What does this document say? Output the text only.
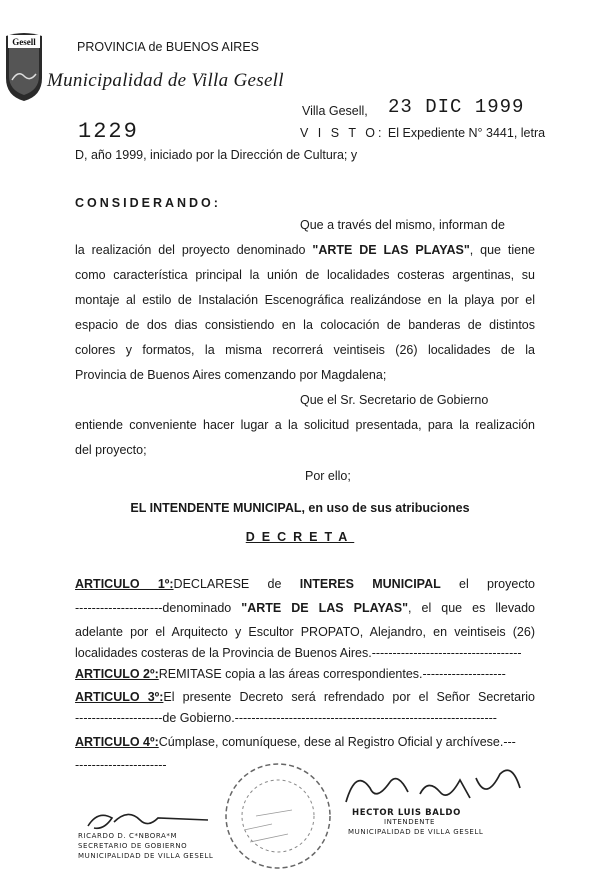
Gesell	PROVINCIA de BUENOS AIRES
Municipalidad de Villa Gesell
Villa Gesell, 23 DIC 1999
1229	V I S T O: El Expediente N° 3441, letra
D, año 1999, iniciado por la Dirección de Cultura; y
CONSIDERANDO:
Que a través del mismo, informan de
la realización del proyecto denominado "ARTE DE LAS PLAYAS", que tiene
como característica principal la unión de localidades costeras argentinas, su
montaje al estilo de Instalación Escenográfica realizándose en la playa por el
espacio de dos dias consistiendo en la colocación de banderas de distintos
colores y formatos, la misma recorrerá veintiseis (26) localidades de la
Provincia de Buenos Aires comenzando por Magdalena;
Que el Sr. Secretario de Gobierno
entiende conveniente hacer lugar a la solicitud presentada, para la realización
del proyecto;
Por ello;
EL INTENDENTE MUNICIPAL, en uso de sus atribuciones
DECRETA
ARTICULO 1º:DECLARESE de INTERES MUNICIPAL el proyecto
---------------------denominado "ARTE DE LAS PLAYAS", el que es llevado
adelante por el Arquitecto y Escultor PROPATO, Alejandro, en veintiseis (26)
localidades costeras de la Provincia de Buenos Aires.------------------------------------
ARTICULO 2º:REMITASE copia a las áreas correspondientes.--------------------
ARTICULO 3º:El presente Decreto será refrendado por el Señor Secretario
---------------------de Gobierno.---------------------------------------------------------------
ARTICULO 4º:Cúmplase, comuníquese, dese al Registro Oficial y archívese.---
----------------------
RICARDO D. C*NBORA*M
SECRETARIO DE GOBIERNO
MUNICIPALIDAD DE VILLA GESELL
HECTOR LUIS BALDO
INTENDENTE
MUNICIPALIDAD DE VILLA GESELL
